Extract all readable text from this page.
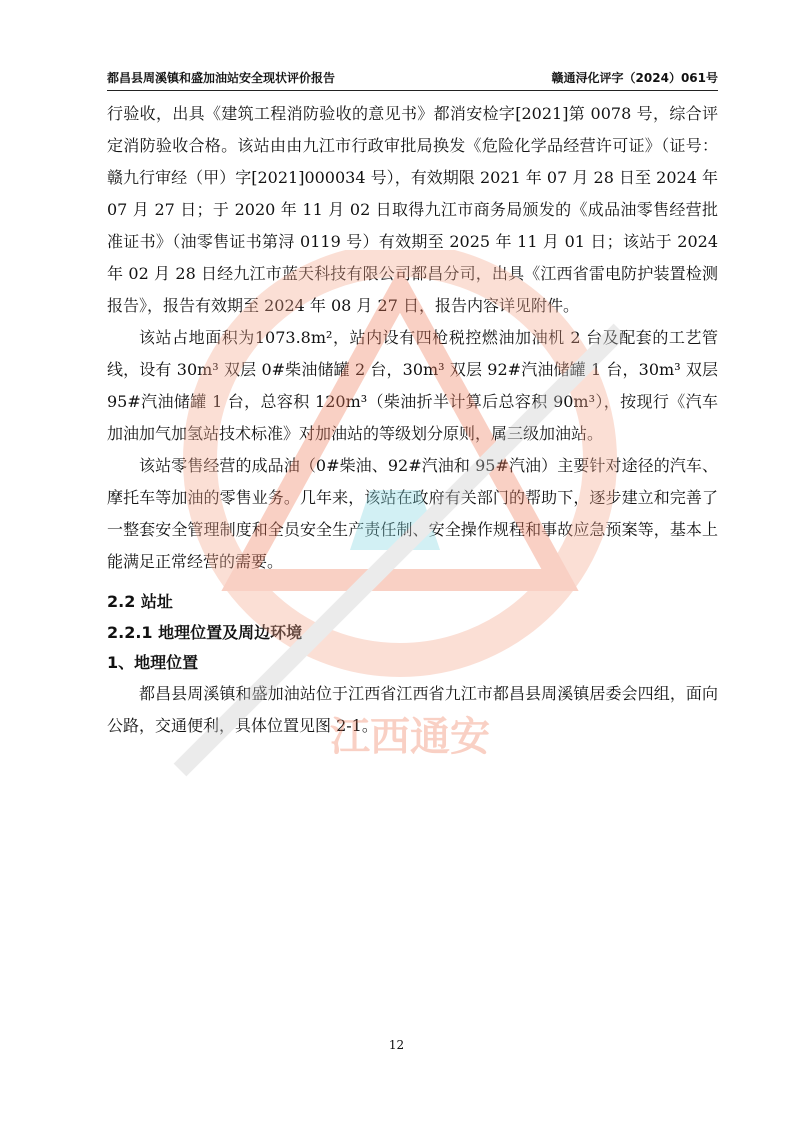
都昌县周溪镇和盛加油站安全现状评价报告	赣通浔化评字（2024）061号

行验收，出具《建筑工程消防验收的意见书》都消安检字[2021]第 0078 号，综合评定消防验收合格。该站由由九江市行政审批局换发《危险化学品经营许可证》（证号：赣九行审经（甲）字[2021]000034 号），有效期限 2021 年 07 月 28 日至 2024 年 07 月 27 日；于 2020 年 11 月 02 日取得九江市商务局颁发的《成品油零售经营批准证书》（油零售证书第浔 0119 号）有效期至 2025 年 11 月 01 日；该站于 2024 年 02 月 28 日经九江市蓝天科技有限公司都昌分司，出具《江西省雷电防护装置检测报告》，报告有效期至 2024 年 08 月 27 日，报告内容详见附件。

该站占地面积为1073.8m²，站内设有四枪税控燃油加油机 2 台及配套的工艺管线，设有 30m³ 双层 0#柴油储罐 2 台，30m³ 双层 92#汽油储罐 1 台，30m³ 双层 95#汽油储罐 1 台，总容积 120m³（柴油折半计算后总容积 90m³），按现行《汽车加油加气加氢站技术标准》对加油站的等级划分原则，属三级加油站。

该站零售经营的成品油（0#柴油、92#汽油和 95#汽油）主要针对途径的汽车、摩托车等加油的零售业务。几年来，该站在政府有关部门的帮助下，逐步建立和完善了一整套安全管理制度和全员安全生产责任制、安全操作规程和事故应急预案等，基本上能满足正常经营的需要。

2.2 站址

2.2.1 地理位置及周边环境

1、地理位置

都昌县周溪镇和盛加油站位于江西省江西省九江市都昌县周溪镇居委会四组，面向公路，交通便利，具体位置见图 2-1。

江西通安
12
